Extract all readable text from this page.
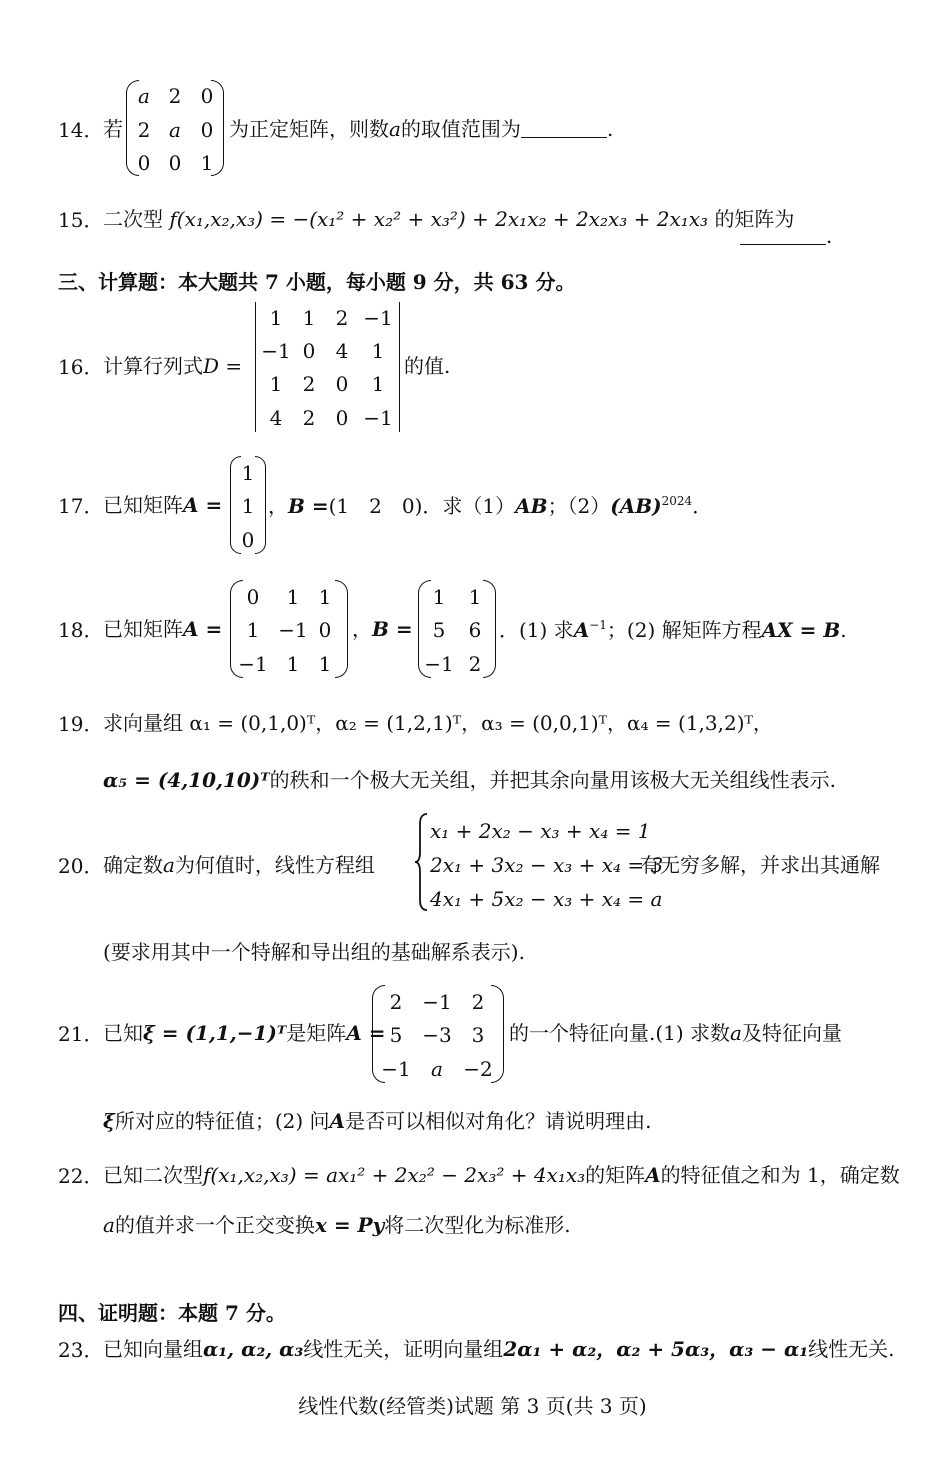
14． 若
a 2 0
2 a 0
0 0 1
为正定矩阵，则数a的取值范围为	.
15． 二次型 f(x₁,x₂,x₃) = −(x₁² + x₂² + x₃²) + 2x₁x₂ + 2x₂x₃ + 2x₁x₃ 的矩阵为
.
三、计算题：本大题共 7 小题，每小题 9 分，共 63 分。
16． 计算行列式D =
1	1	2 −1
−1 0	4	1
1	2	0	1
4	2	0 −1
的值.
17． 已知矩阵A =
1
1
0
，B =(1　2　0)．求（1）AB；（2）(AB)$^{2024}$．
18． 已知矩阵A =
0	1 1
1 −1 0
−1 1 1
，B =
1	1
5	6
−1 2
．(1) 求$A^{-1}$；(2) 解矩阵方程AX = B.
19． 求向量组 α₁ = (0,1,0)ᵀ，α₂ = (1,2,1)ᵀ，α₃ = (0,0,1)ᵀ，α₄ = (1,3,2)ᵀ，
α₅ = (4,10,10)ᵀ的秩和一个极大无关组，并把其余向量用该极大无关组线性表示.
20． 确定数a为何值时，线性方程组
x₁ + 2x₂ − x₃ + x₄ = 1
2x₁ + 3x₂ − x₃ + x₄ = 3
4x₁ + 5x₂ − x₃ + x₄ = a
有无穷多解，并求出其通解
(要求用其中一个特解和导出组的基础解系表示).
21． 已知ξ = (1,1,−1)ᵀ是矩阵A =
2 −1 2
5 −3 3
−1	a	−2
的一个特征向量.(1) 求数a及特征向量
ξ所对应的特征值；(2) 问A是否可以相似对角化？请说明理由.
22． 已知二次型f(x₁,x₂,x₃) = ax₁² + 2x₂² − 2x₃² + 4x₁x₃的矩阵A的特征值之和为 1，确定数
a的值并求一个正交变换x = Py将二次型化为标准形.
四、证明题：本题 7 分。
23． 已知向量组α₁, α₂, α₃线性无关，证明向量组2α₁ + α₂，α₂ + 5α₃，α₃ − α₁线性无关.
线性代数(经管类)试题 第 3 页(共 3 页)
